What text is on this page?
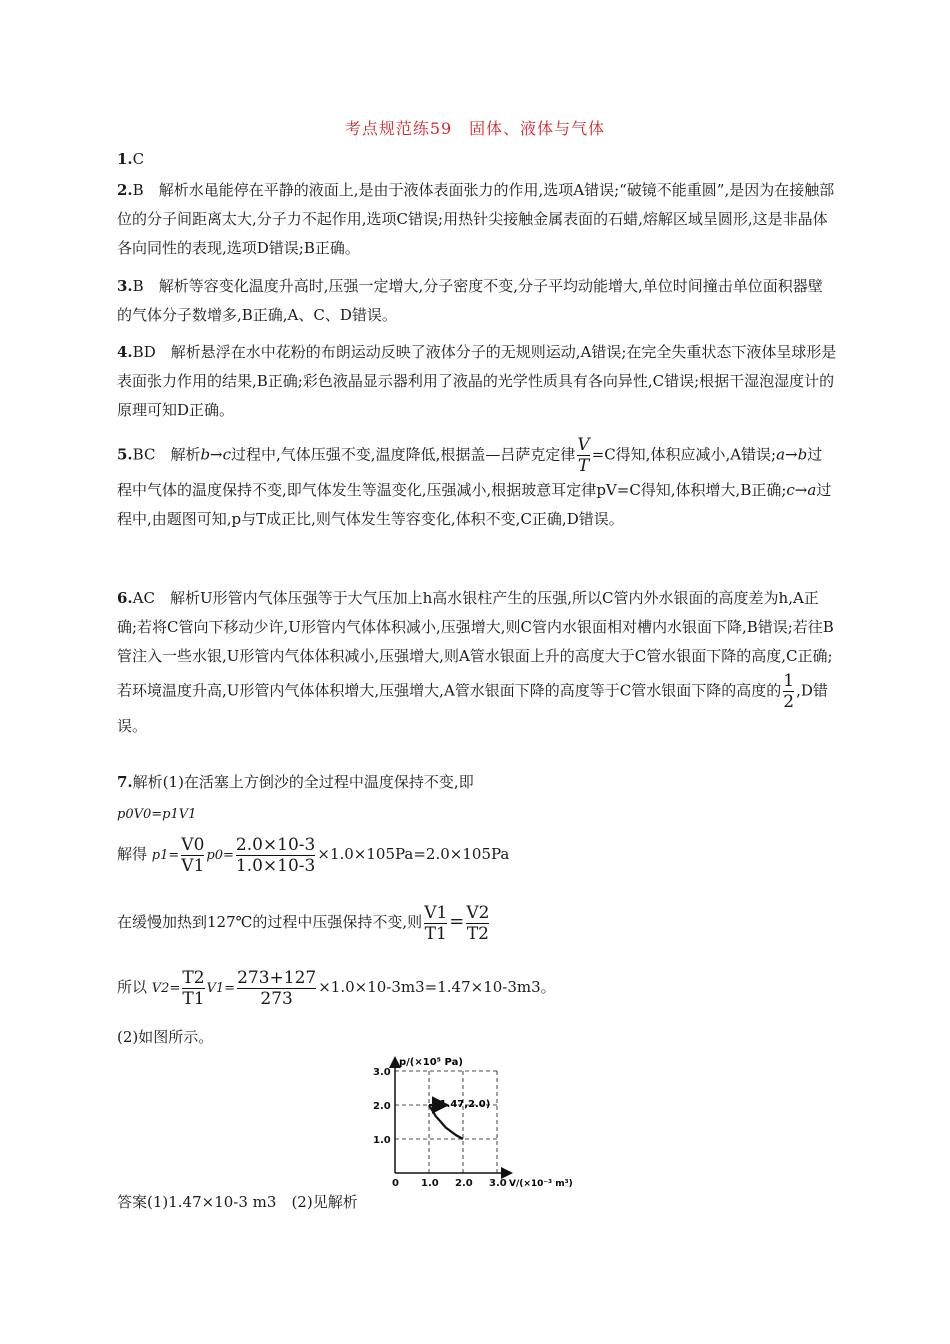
考点规范练59　固体、液体与气体
1.C
2.B　解析水黾能停在平静的液面上,是由于液体表面张力的作用,选项A错误;“破镜不能重圆”,是因为在接触部位的分子间距离太大,分子力不起作用,选项C错误;用热针尖接触金属表面的石蜡,熔解区域呈圆形,这是非晶体各向同性的表现,选项D错误;B正确。
3.B　解析等容变化温度升高时,压强一定增大,分子密度不变,分子平均动能增大,单位时间撞击单位面积器壁的气体分子数增多,B正确,A、C、D错误。
4.BD　解析悬浮在水中花粉的布朗运动反映了液体分子的无规则运动,A错误;在完全失重状态下液体呈球形是表面张力作用的结果,B正确;彩色液晶显示器利用了液晶的光学性质具有各向异性,C错误;根据干湿泡湿度计的原理可知D正确。
5.BC　解析b→c过程中,气体压强不变,温度降低,根据盖—吕萨克定律 $\frac{V}{T} =C$得知,体积应减小,A错误;a→b过程中气体的温度保持不变,即气体发生等温变化,压强减小,根据玻意耳定律pV=C得知,体积增大,B正确;c→a过程中,由题图可知,p与T成正比,则气体发生等容变化,体积不变,C正确,D错误。
6.AC　解析U形管内气体压强等于大气压加上h高水银柱产生的压强,所以C管内外水银面的高度差为h,A正确;若将C管向下移动少许,U形管内气体体积减小,压强增大,则C管内水银面相对槽内水银面下降,B错误;若往B管注入一些水银,U形管内气体体积减小,压强增大,则A管水银面上升的高度大于C管水银面下降的高度,C正确;若环境温度升高,U形管内气体体积增大,压强增大,A管水银面下降的高度等于C管水银面下降的高度的 $\frac{1}{2} ,D$错误。
7.解析(1)在活塞上方倒沙的全过程中温度保持不变,即
p0V0=p1V1
解得 $p1= \frac{V0}{V1} p0= \frac{2.0\times 10-3}{1.0\times 10-3} \times 1.0\times 105Pa=2.0\times 105Pa$
在缓慢加热到127℃的过程中压强保持不变,则 $\frac{V1}{T1} = \frac{V2}{T2}$
所以 $V2= \frac{T2}{T1} V1= \frac{273+127}{273} \times 1.0\times 10-3m3=1.47\times 10-3m3$。
(2)如图所示。
0 1.0 2.0 3.0
1.0
2.0
3.0
p/(×10⁵ Pa)
V/(×10⁻³ m³)
(1.47,2.0)
答案(1)1.47×10-3 m3　(2)见解析
